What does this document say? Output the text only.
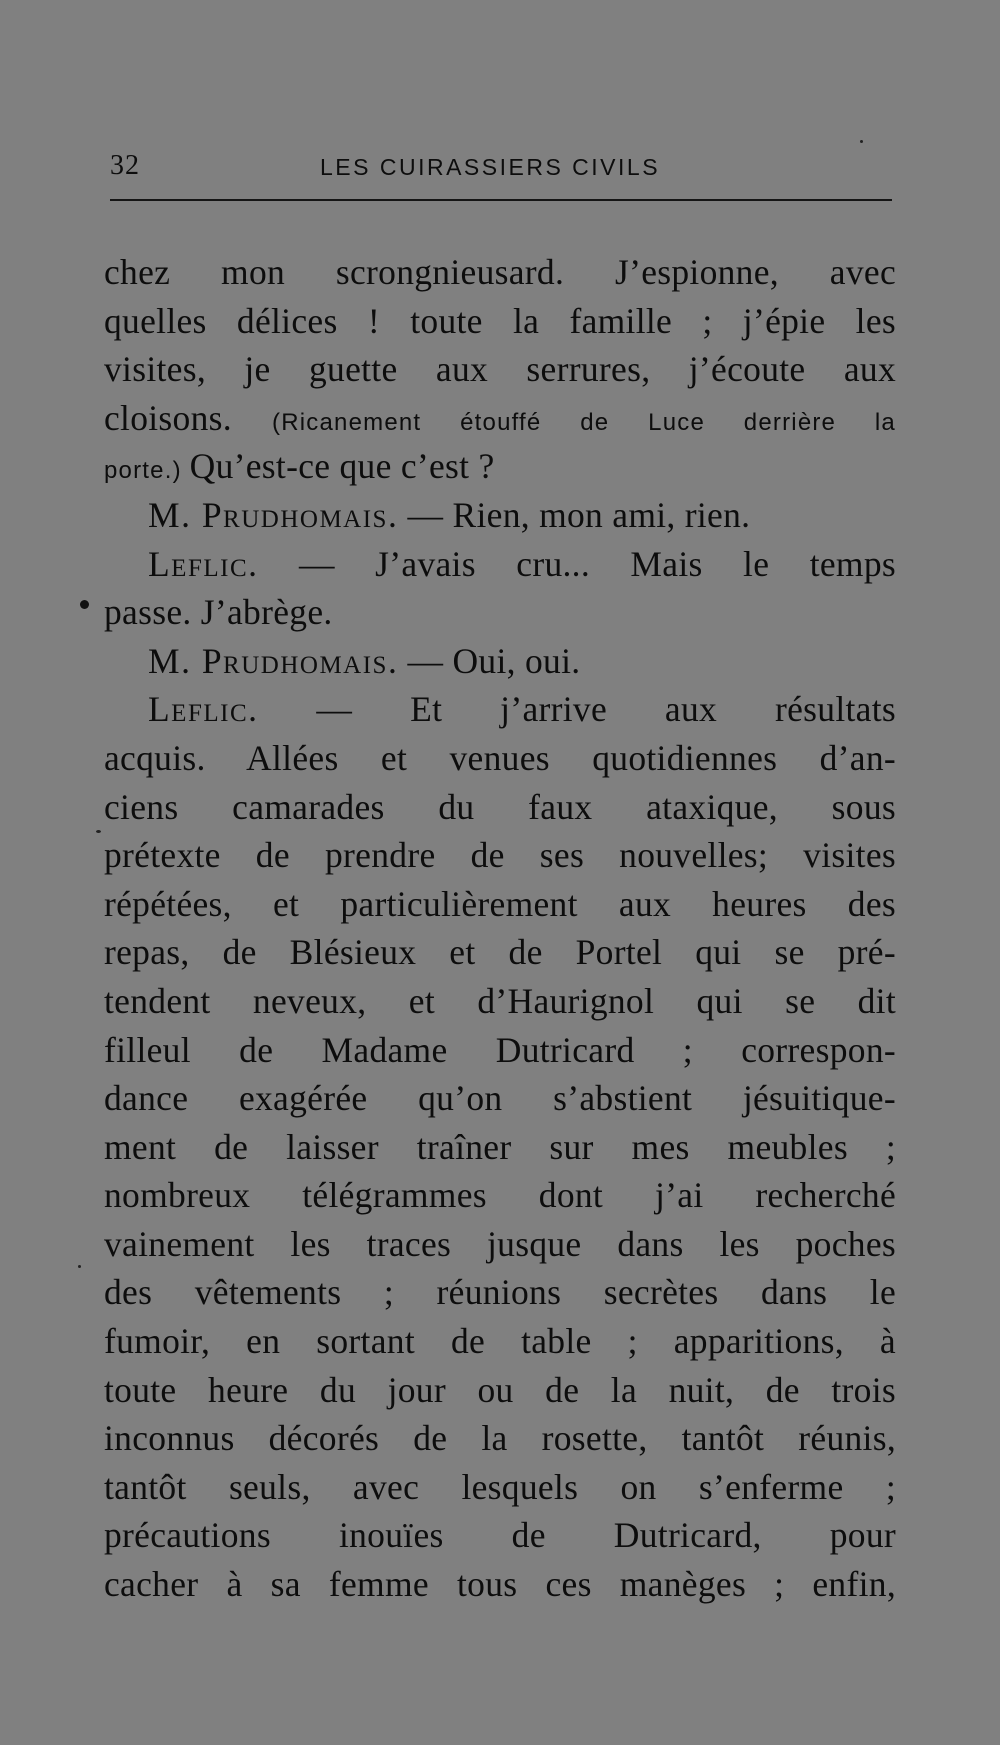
32	LES CUIRASSIERS CIVILS
chez mon scrongnieusard. J’espionne, avec
quelles délices ! toute la famille ; j’épie les
visites, je guette aux serrures, j’écoute aux
cloisons. (Ricanement étouffé de Luce derrière la
porte.) Qu’est-ce que c’est ?
M. Prudhomais. — Rien, mon ami, rien.
Leflic. — J’avais cru... Mais le temps
passe. J’abrège.
M. Prudhomais. — Oui, oui.
Leflic. — Et j’arrive aux résultats
acquis. Allées et venues quotidiennes d’an-
ciens camarades du faux ataxique, sous
prétexte de prendre de ses nouvelles; visites
répétées, et particulièrement aux heures des
repas, de Blésieux et de Portel qui se pré-
tendent neveux, et d’Haurignol qui se dit
filleul de Madame Dutricard ; correspon-
dance exagérée qu’on s’abstient jésuitique-
ment de laisser traîner sur mes meubles ;
nombreux télégrammes dont j’ai recherché
vainement les traces jusque dans les poches
des vêtements ; réunions secrètes dans le
fumoir, en sortant de table ; apparitions, à
toute heure du jour ou de la nuit, de trois
inconnus décorés de la rosette, tantôt réunis,
tantôt seuls, avec lesquels on s’enferme ;
précautions inouïes de Dutricard, pour
cacher à sa femme tous ces manèges ; enfin,
